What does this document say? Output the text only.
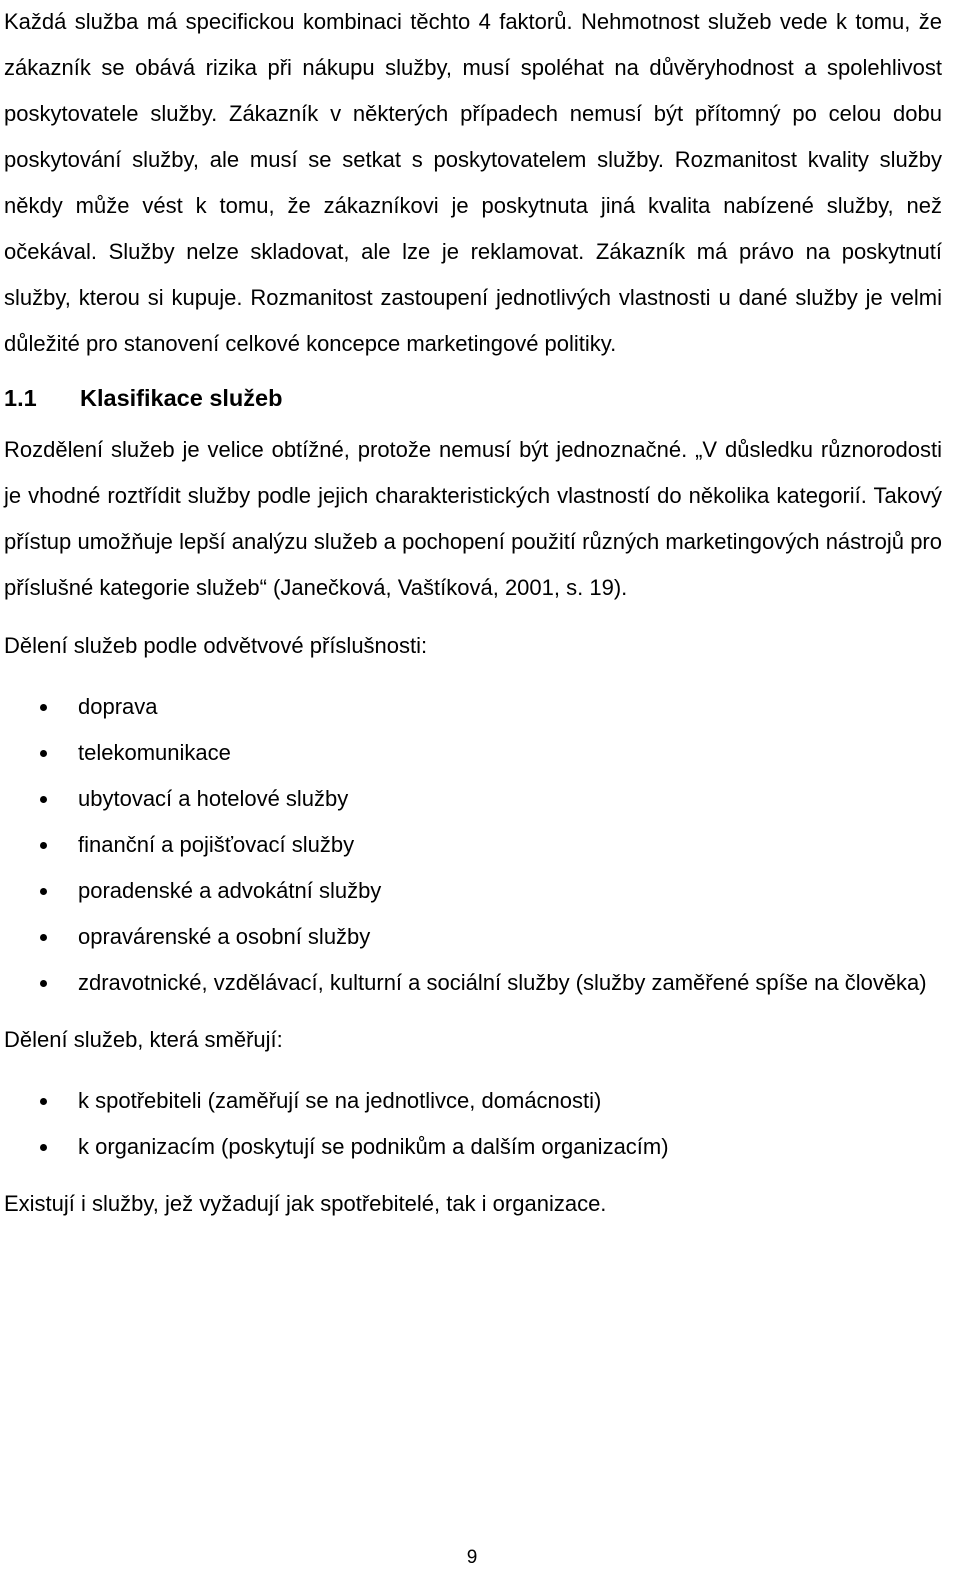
Každá služba má specifickou kombinaci těchto 4 faktorů. Nehmotnost služeb vede k tomu, že zákazník se obává rizika při nákupu služby, musí spoléhat na důvěryhodnost a spolehlivost poskytovatele služby. Zákazník v některých případech nemusí být přítomný po celou dobu poskytování služby, ale musí se setkat s poskytovatelem služby. Rozmanitost kvality služby někdy může vést k tomu, že zákazníkovi je poskytnuta jiná kvalita nabízené služby, než očekával. Služby nelze skladovat, ale lze je reklamovat. Zákazník má právo na poskytnutí služby, kterou si kupuje. Rozmanitost zastoupení jednotlivých vlastnosti u dané služby je velmi důležité pro stanovení celkové koncepce marketingové politiky.

1.1 Klasifikace služeb

Rozdělení služeb je velice obtížné, protože nemusí být jednoznačné. „V důsledku různorodosti je vhodné roztřídit služby podle jejich charakteristických vlastností do několika kategorií. Takový přístup umožňuje lepší analýzu služeb a pochopení použití různých marketingových nástrojů pro příslušné kategorie služeb“ (Janečková, Vaštíková, 2001, s. 19).

Dělení služeb podle odvětvové příslušnosti:

doprava
telekomunikace
ubytovací a hotelové služby
finanční a pojišťovací služby
poradenské a advokátní služby
opravárenské a osobní služby
zdravotnické, vzdělávací, kulturní a sociální služby (služby zaměřené spíše na člověka)

Dělení služeb, která směřují:

k spotřebiteli (zaměřují se na jednotlivce, domácnosti)
k organizacím (poskytují se podnikům a dalším organizacím)

Existují i služby, jež vyžadují jak spotřebitelé, tak i organizace.

9
